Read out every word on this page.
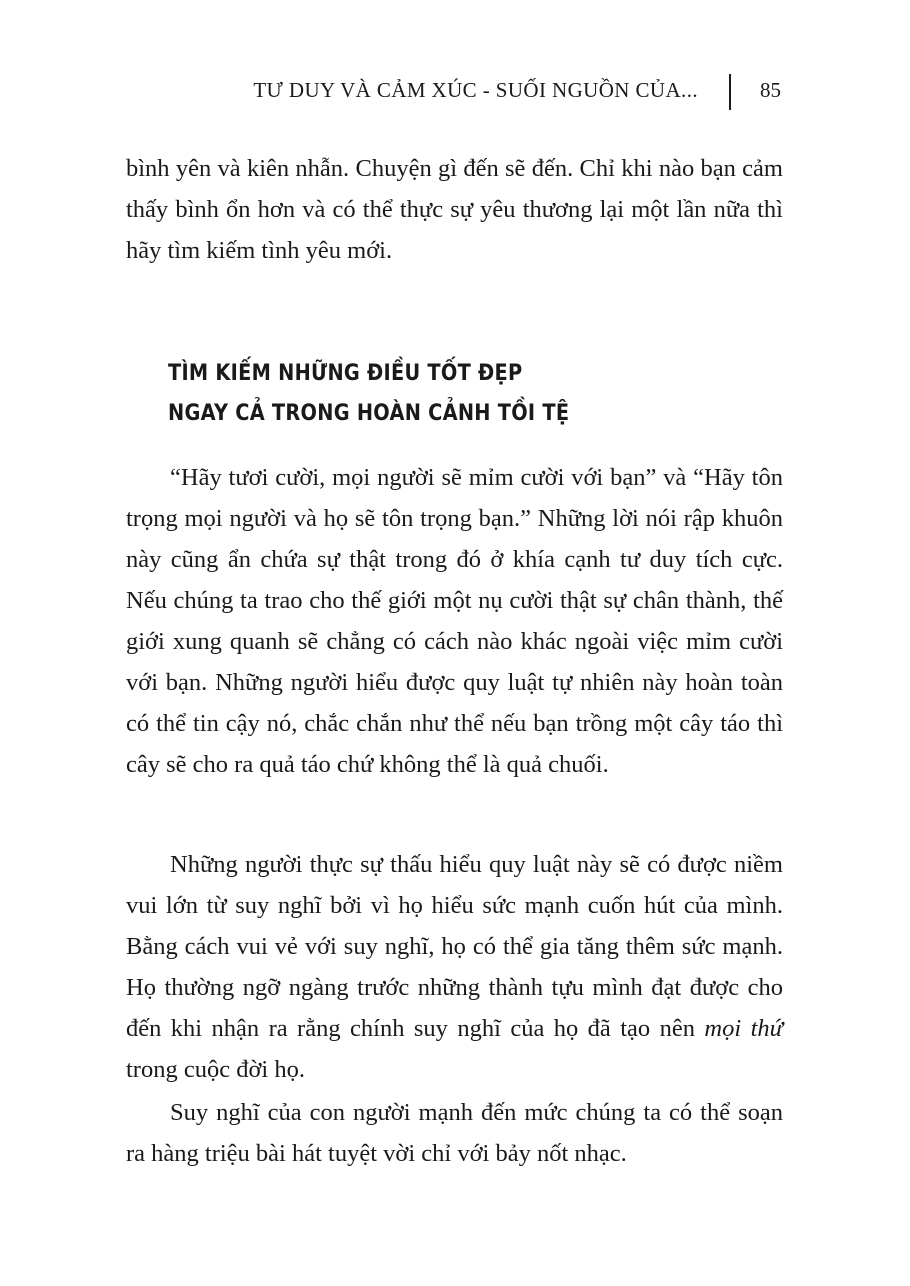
TƯ DUY VÀ CẢM XÚC - SUỐI NGUỒN CỦA...	85

bình yên và kiên nhẫn. Chuyện gì đến sẽ đến. Chỉ khi nào bạn cảm thấy bình ổn hơn và có thể thực sự yêu thương lại một lần nữa thì hãy tìm kiếm tình yêu mới.

TÌM KIẾM NHỮNG ĐIỀU TỐT ĐẸP
NGAY CẢ TRONG HOÀN CẢNH TỒI TỆ

“Hãy tươi cười, mọi người sẽ mỉm cười với bạn” và “Hãy tôn trọng mọi người và họ sẽ tôn trọng bạn.” Những lời nói rập khuôn này cũng ẩn chứa sự thật trong đó ở khía cạnh tư duy tích cực. Nếu chúng ta trao cho thế giới một nụ cười thật sự chân thành, thế giới xung quanh sẽ chẳng có cách nào khác ngoài việc mỉm cười với bạn. Những người hiểu được quy luật tự nhiên này hoàn toàn có thể tin cậy nó, chắc chắn như thể nếu bạn trồng một cây táo thì cây sẽ cho ra quả táo chứ không thể là quả chuối.

Những người thực sự thấu hiểu quy luật này sẽ có được niềm vui lớn từ suy nghĩ bởi vì họ hiểu sức mạnh cuốn hút của mình. Bằng cách vui vẻ với suy nghĩ, họ có thể gia tăng thêm sức mạnh. Họ thường ngỡ ngàng trước những thành tựu mình đạt được cho đến khi nhận ra rằng chính suy nghĩ của họ đã tạo nên mọi thứ trong cuộc đời họ.

Suy nghĩ của con người mạnh đến mức chúng ta có thể soạn ra hàng triệu bài hát tuyệt vời chỉ với bảy nốt nhạc.
